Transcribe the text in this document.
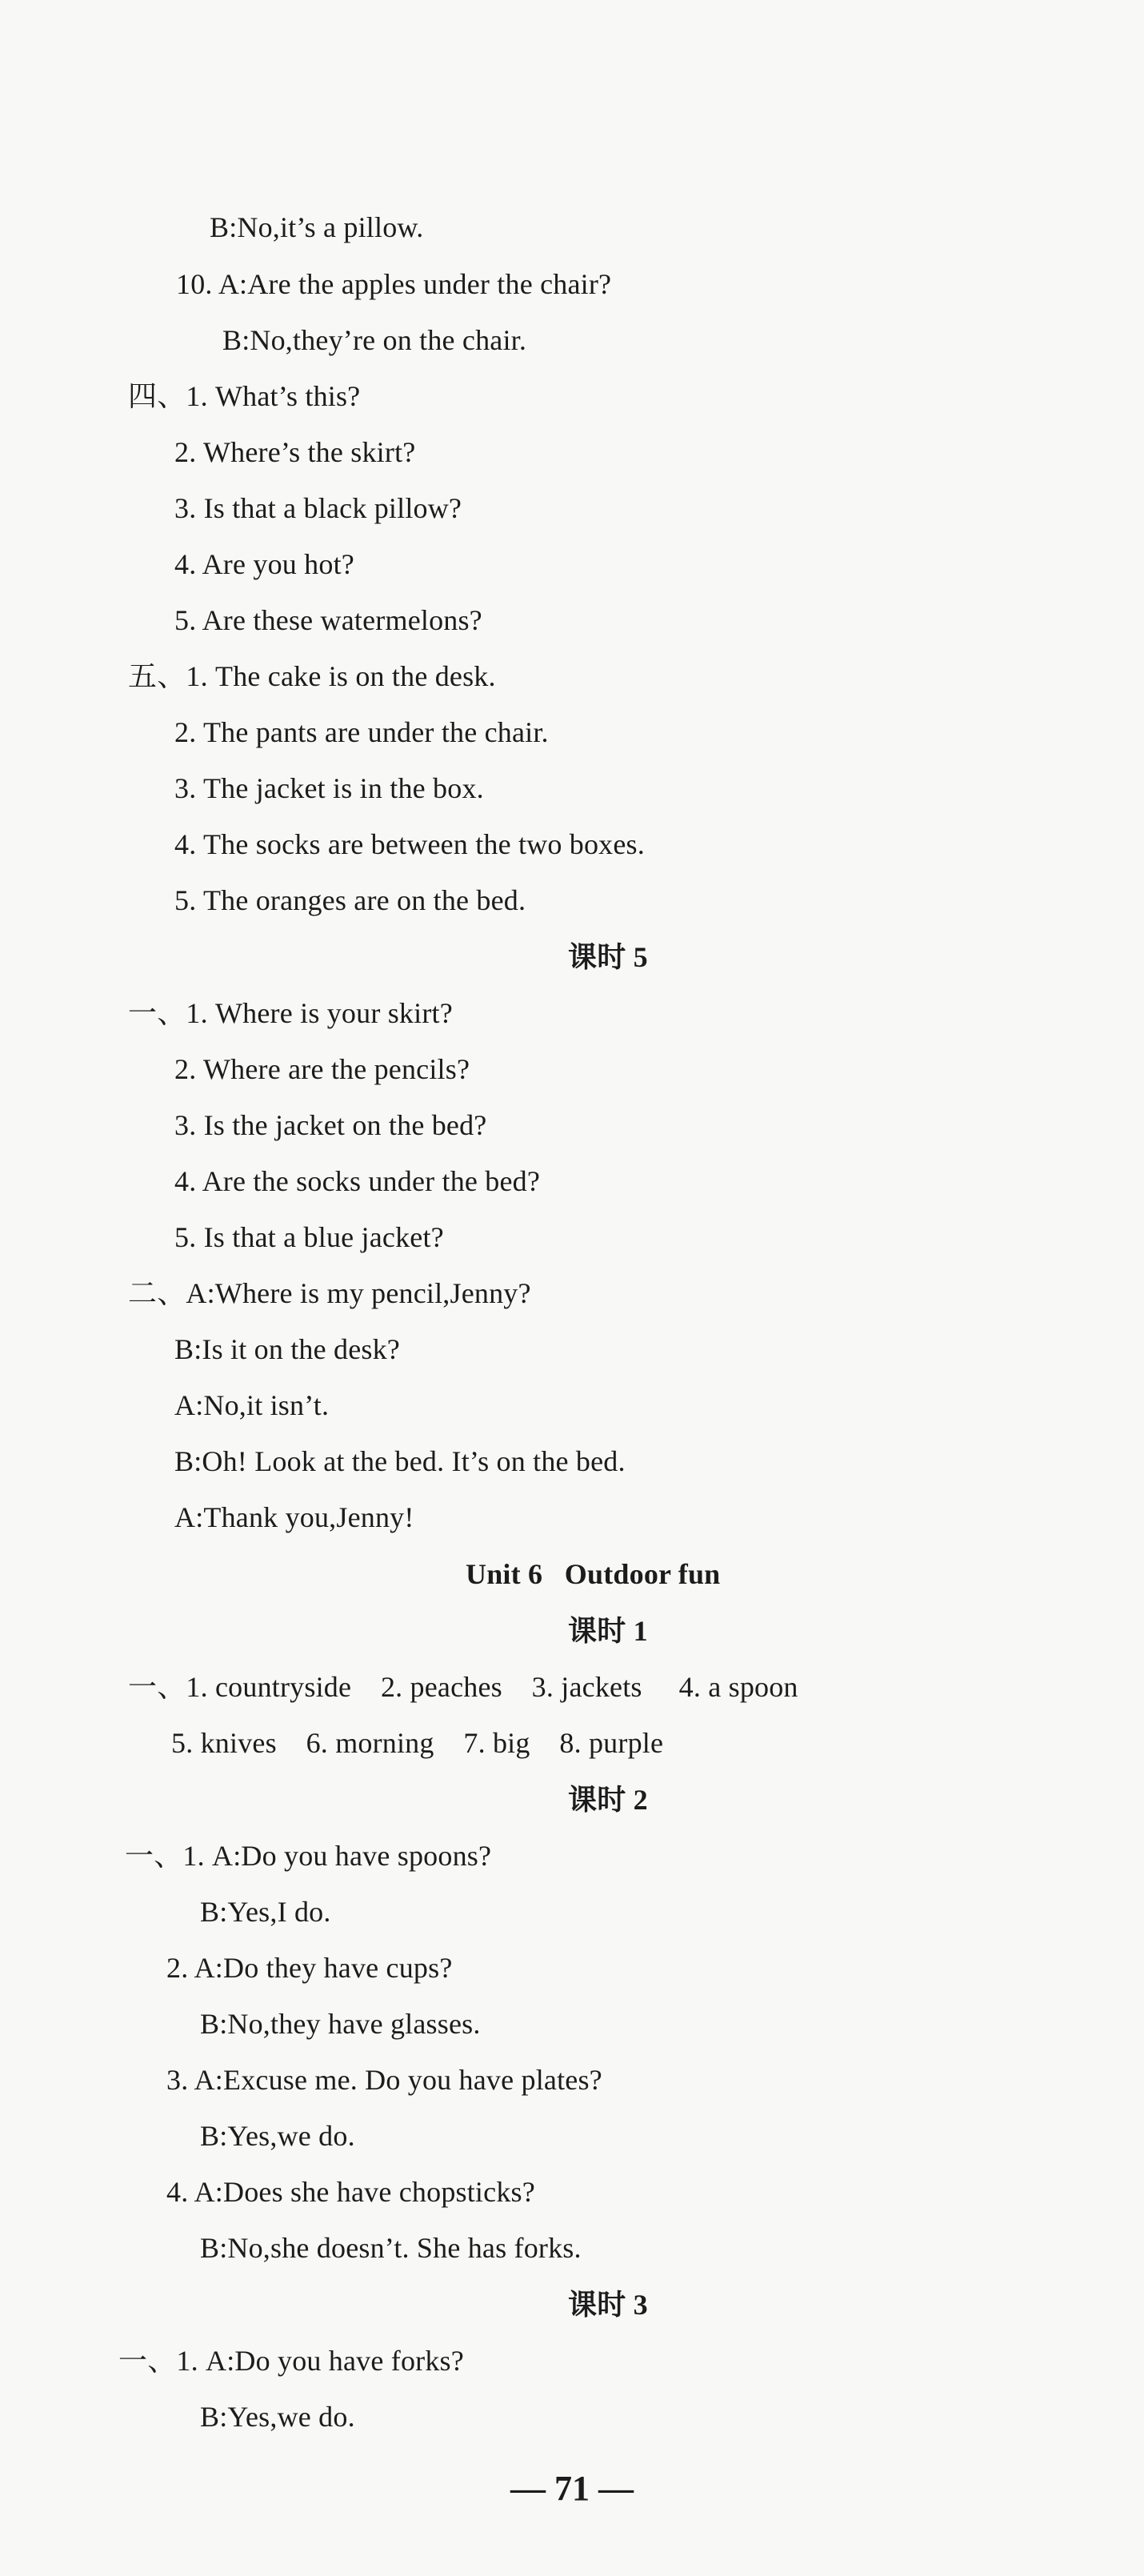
B:No,it’s a pillow.
10. A:Are the apples under the chair?
B:No,they’re on the chair.
四、1. What’s this?
2. Where’s the skirt?
3. Is that a black pillow?
4. Are you hot?
5. Are these watermelons?
五、1. The cake is on the desk.
2. The pants are under the chair.
3. The jacket is in the box.
4. The socks are between the two boxes.
5. The oranges are on the bed.
课时 5
一、1. Where is your skirt?
2. Where are the pencils?
3. Is the jacket on the bed?
4. Are the socks under the bed?
5. Is that a blue jacket?
二、A:Where is my pencil,Jenny?
B:Is it on the desk?
A:No,it isn’t.
B:Oh! Look at the bed. It’s on the bed.
A:Thank you,Jenny!
Unit 6   Outdoor fun
课时 1
一、1. countryside    2. peaches    3. jackets     4. a spoon
5. knives    6. morning    7. big    8. purple
课时 2
一、1. A:Do you have spoons?
B:Yes,I do.
2. A:Do they have cups?
B:No,they have glasses.
3. A:Excuse me. Do you have plates?
B:Yes,we do.
4. A:Does she have chopsticks?
B:No,she doesn’t. She has forks.
课时 3
一、1. A:Do you have forks?
B:Yes,we do.
— 71 —
